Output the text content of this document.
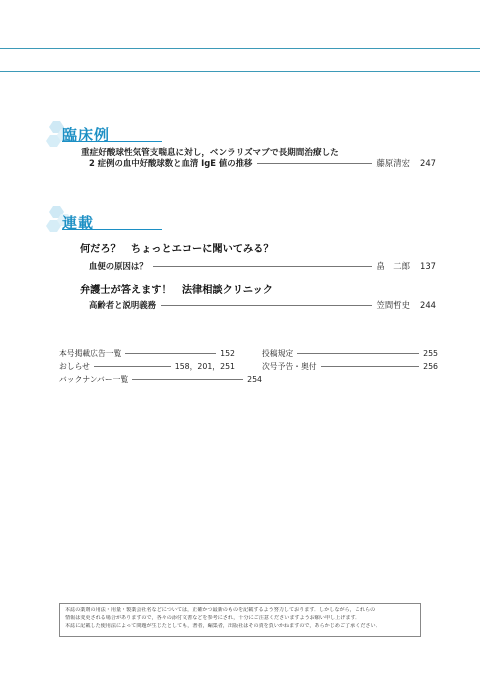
臨床例
重症好酸球性気管支喘息に対し，ベンラリズマブで長期間治療した
2 症例の血中好酸球数と血清 IgE 値の推移	藤原清宏 247
連載
何だろ？　ちょっとエコーに聞いてみる？
血便の原因は？	畠　二郎 137
弁護士が答えます！　法律相談クリニック
高齢者と説明義務	笠間哲史 244
本号掲載広告一覧	152
おしらせ	158，201，251
バックナンバー一覧	254
投稿規定	255
次号予告・奥付	256
本誌の薬剤の用法・用量・製薬会社名などについては，正確かつ最新のものを記載するよう努力しております．しかしながら，これらの
情報は変更される場合がありますので，各々の添付文書などを参考にされ，十分にご注意くださいますようお願い申し上げます．
本誌に記載した使用法によって問題が生じたとしても，著者，編集者，出版社はその責を負いかねますので，あらかじめご了承ください．
